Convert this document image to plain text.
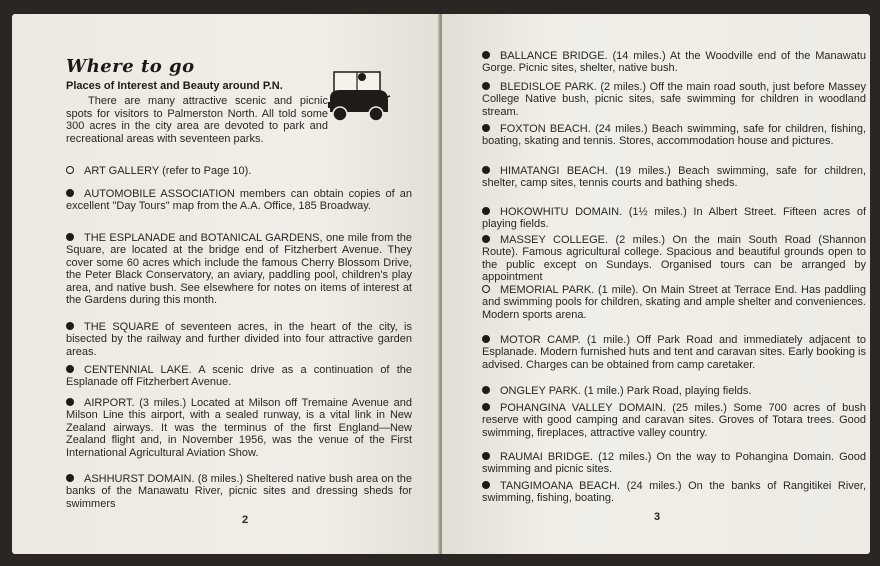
Where to go
Places of Interest and Beauty around P.N.
There are many attractive scenic and picnic spots for visitors to Palmerston North. All told some 300 acres in the city area are devoted to park and recreational areas with seventeen parks.
ART GALLERY (refer to Page 10).
AUTOMOBILE ASSOCIATION members can obtain copies of an excellent "Day Tours" map from the A.A. Office, 185 Broadway.
THE ESPLANADE and BOTANICAL GARDENS, one mile from the Square, are located at the bridge end of Fitzherbert Avenue. They cover some 60 acres which include the famous Cherry Blossom Drive, the Peter Black Conservatory, an aviary, paddling pool, children's play area, and native bush. See elsewhere for notes on items of interest at the Gardens during this month.
THE SQUARE of seventeen acres, in the heart of the city, is bisected by the railway and further divided into four attractive garden areas.
CENTENNIAL LAKE. A scenic drive as a continuation of the Esplanade off Fitzherbert Avenue.
AIRPORT. (3 miles.) Located at Milson off Tremaine Avenue and Milson Line this airport, with a sealed runway, is a vital link in New Zealand airways. It was the terminus of the first England—New Zealand flight and, in November 1956, was the venue of the First International Agricultural Aviation Show.
ASHHURST DOMAIN. (8 miles.) Sheltered native bush area on the banks of the Manawatu River, picnic sites and dressing sheds for swimmers
2
BALLANCE BRIDGE. (14 miles.) At the Woodville end of the Manawatu Gorge. Picnic sites, shelter, native bush.
BLEDISLOE PARK. (2 miles.) Off the main road south, just before Massey College Native bush, picnic sites, safe swimming for children in woodland stream.
FOXTON BEACH. (24 miles.) Beach swimming, safe for children, fishing, boating, skating and tennis. Stores, accommodation house and pictures.
HIMATANGI BEACH. (19 miles.) Beach swimming, safe for children, shelter, camp sites, tennis courts and bathing sheds.
HOKOWHITU DOMAIN. (1½ miles.) In Albert Street. Fifteen acres of playing fields.
MASSEY COLLEGE. (2 miles.) On the main South Road (Shannon Route). Famous agricultural college. Spacious and beautiful grounds open to the public except on Sundays. Organised tours can be arranged by appointment
MEMORIAL PARK. (1 mile). On Main Street at Terrace End. Has paddling and swimming pools for children, skating and ample shelter and conveniences. Modern sports arena.
MOTOR CAMP. (1 mile.) Off Park Road and immediately adjacent to Esplanade. Modern furnished huts and tent and caravan sites. Early booking is advised. Charges can be obtained from camp caretaker.
ONGLEY PARK. (1 mile.) Park Road, playing fields.
POHANGINA VALLEY DOMAIN. (25 miles.) Some 700 acres of bush reserve with good camping and caravan sites. Groves of Totara trees. Good swimming, fireplaces, attractive valley country.
RAUMAI BRIDGE. (12 miles.) On the way to Pohangina Domain. Good swimming and picnic sites.
TANGIMOANA BEACH. (24 miles.) On the banks of Rangitikei River, swimming, fishing, boating.
3
